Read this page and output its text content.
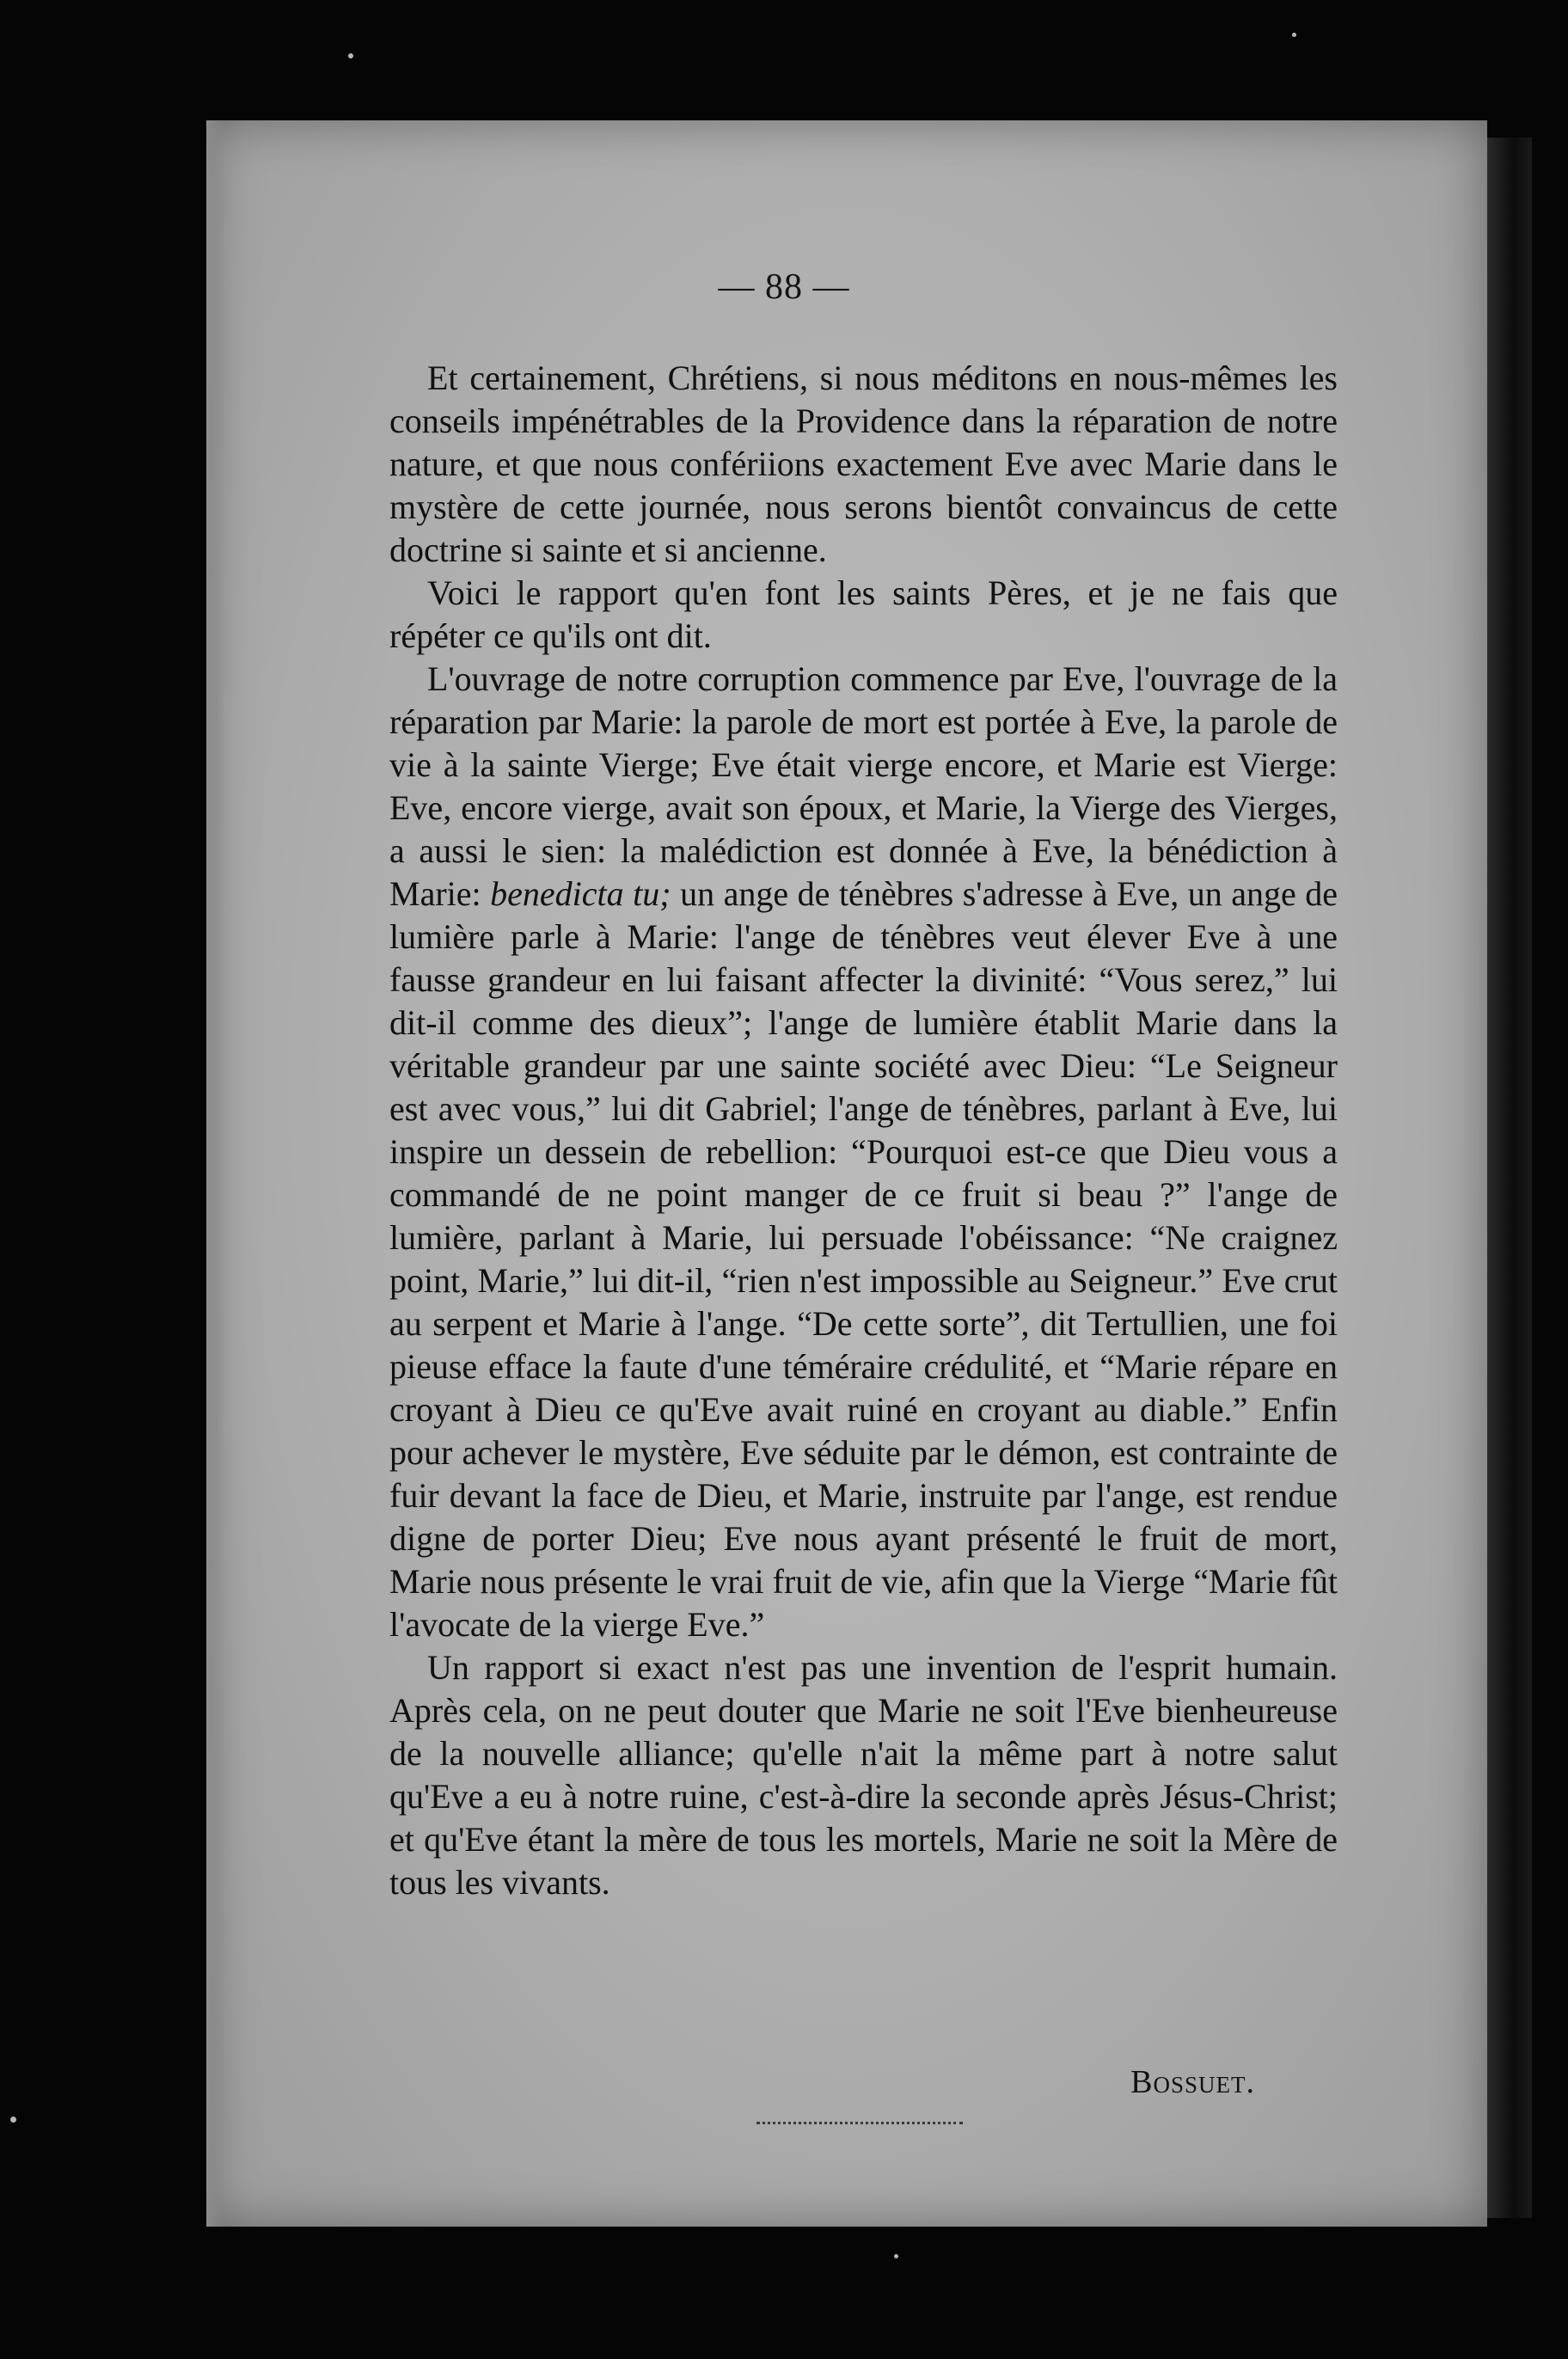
— 88 —

Et certainement, Chrétiens, si nous méditons en nous-mêmes les conseils impénétrables de la Providence dans la réparation de notre nature, et que nous confériions exactement Eve avec Marie dans le mystère de cette journée, nous serons bientôt convaincus de cette doctrine si sainte et si ancienne.

Voici le rapport qu'en font les saints Pères, et je ne fais que répéter ce qu'ils ont dit.

L'ouvrage de notre corruption commence par Eve, l'ouvrage de la réparation par Marie: la parole de mort est portée à Eve, la parole de vie à la sainte Vierge; Eve était vierge encore, et Marie est Vierge: Eve, encore vierge, avait son époux, et Marie, la Vierge des Vierges, a aussi le sien: la malédiction est donnée à Eve, la bénédiction à Marie: benedicta tu; un ange de ténèbres s'adresse à Eve, un ange de lumière parle à Marie: l'ange de ténèbres veut élever Eve à une fausse grandeur en lui faisant affecter la divinité: “Vous serez,” lui dit-il comme des dieux”; l'ange de lumière établit Marie dans la véritable grandeur par une sainte société avec Dieu: “Le Seigneur est avec vous,” lui dit Gabriel; l'ange de ténèbres, parlant à Eve, lui inspire un dessein de rebellion: “Pourquoi est-ce que Dieu vous a commandé de ne point manger de ce fruit si beau ?” l'ange de lumière, parlant à Marie, lui persuade l'obéissance: “Ne craignez point, Marie,” lui dit-il, “rien n'est impossible au Seigneur.” Eve crut au serpent et Marie à l'ange. “De cette sorte”, dit Tertullien, une foi pieuse efface la faute d'une téméraire crédulité, et “Marie répare en croyant à Dieu ce qu'Eve avait ruiné en croyant au diable.” Enfin pour achever le mystère, Eve séduite par le démon, est contrainte de fuir devant la face de Dieu, et Marie, instruite par l'ange, est rendue digne de porter Dieu; Eve nous ayant présenté le fruit de mort, Marie nous présente le vrai fruit de vie, afin que la Vierge “Marie fût l'avocate de la vierge Eve.”

Un rapport si exact n'est pas une invention de l'esprit humain. Après cela, on ne peut douter que Marie ne soit l'Eve bienheureuse de la nouvelle alliance; qu'elle n'ait la même part à notre salut qu'Eve a eu à notre ruine, c'est-à-dire la seconde après Jésus-Christ; et qu'Eve étant la mère de tous les mortels, Marie ne soit la Mère de tous les vivants.

Bossuet.
